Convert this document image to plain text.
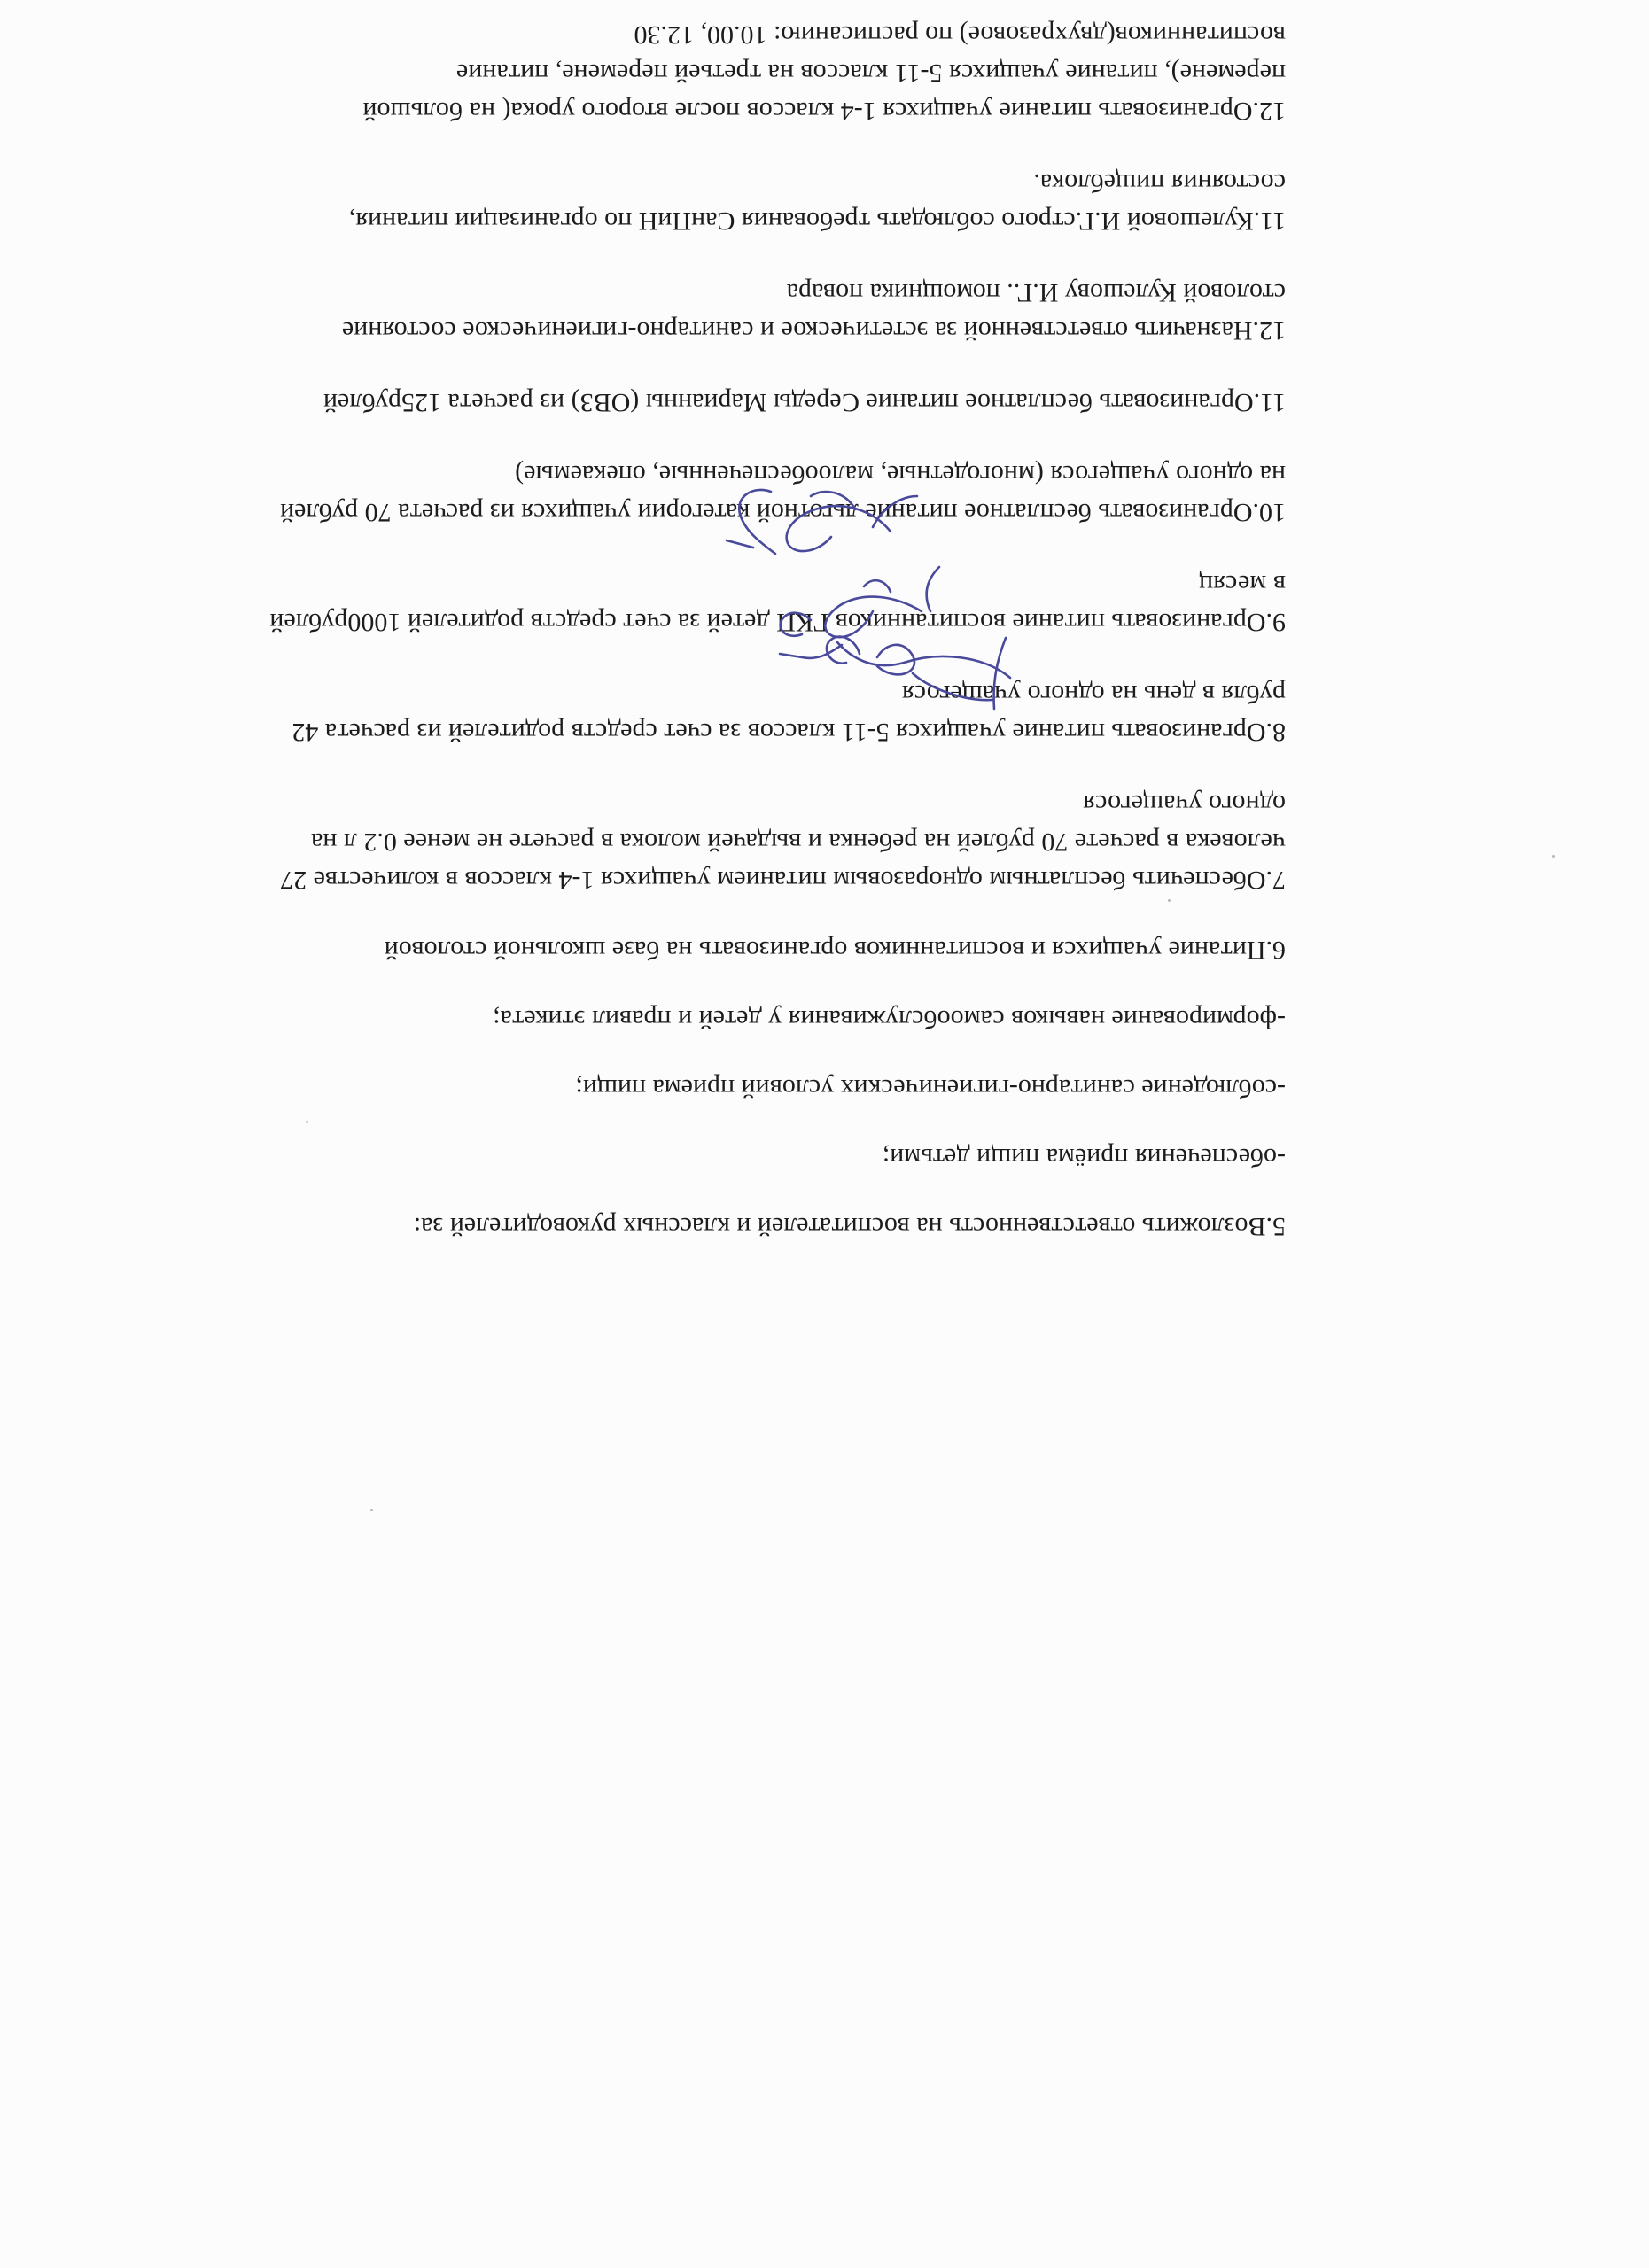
5.Возложить ответственность на воспитателей и классных руководителей за:
-обеспечения приёма пищи детьми;
-соблюдение санитарно-гигиенических условий приема пищи;
-формирование навыков самообслуживания у детей и правил этикета;
6.Питание учащихся и воспитанников организовать на базе школьной столовой
7.Обеспечить бесплатным одноразовым питанием учащихся 1-4 классов в количестве 27
человека в расчете 70 рублей на ребенка и выдачей молока в расчете не менее 0.2 л на
одного учащегося
8.Организовать питание учащихся 5-11 классов за счет средств родителей из расчета 42
рубля в день на одного учащегося
9.Организовать питание воспитанников ГКП детей за счет средств родителей 1000рублей
в месяц
10.Организовать бесплатное питание льготной категории учащихся из расчета 70 рублей
на одного учащегося (многодетные, малообеспеченные, опекаемые)
11.Организовать бесплатное питание Середы Марианны (ОВЗ) из расчета 125рублей
12.Назначить ответственной за эстетическое и санитарно-гигиеническое состояние
столовой Кулешову И.Г.. помощника повара
11.Кулешовой И.Г.строго соблюдать требования СанПиН по организации питания,
состояния пищеблока.
12.Организовать питание учащихся 1-4 классов после второго урока( на большой
перемене), питание учащихся 5-11 классов на третьей перемене, питание
воспитанников(двухразовое) по расписанию: 10.00, 12.30
